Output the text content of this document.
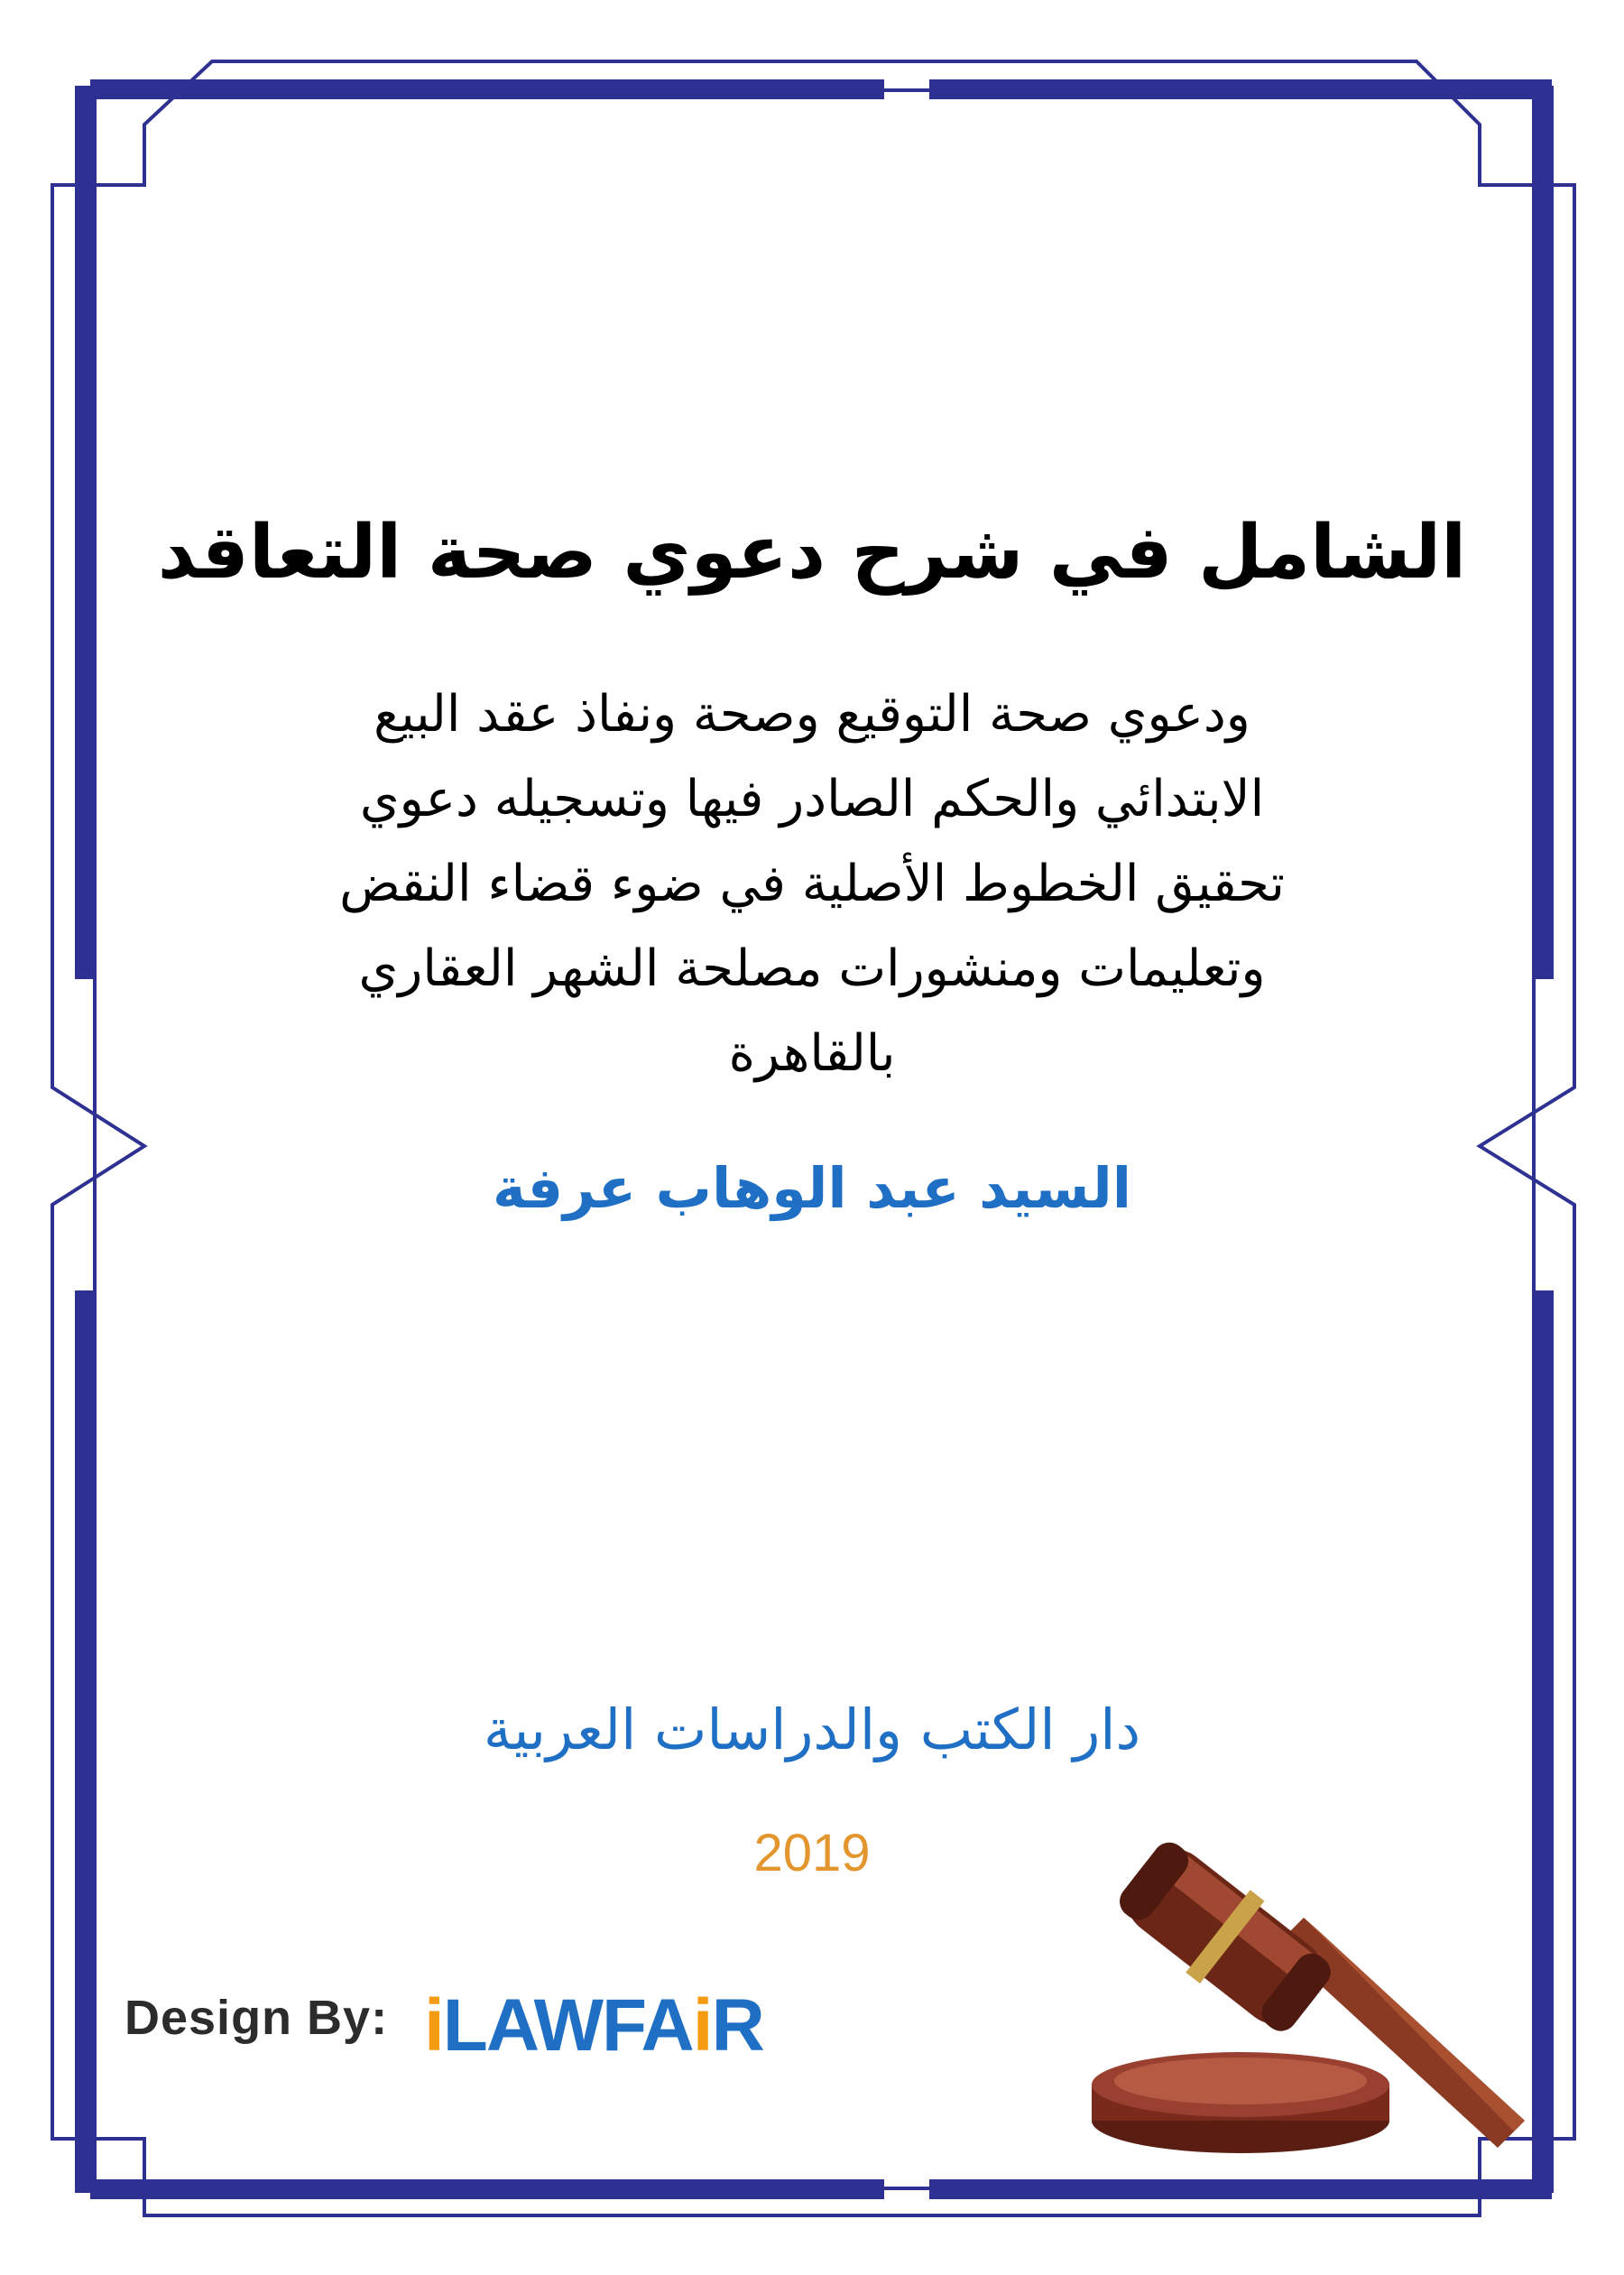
الشامل في شرح دعوي صحة التعاقد
ودعوي صحة التوقيع وصحة ونفاذ عقد البيع
الابتدائي والحكم الصادر فيها وتسجيله دعوي
تحقيق الخطوط الأصلية في ضوء قضاء النقض
وتعليمات ومنشورات مصلحة الشهر العقاري
بالقاهرة
السيد عبد الوهاب عرفة
دار الكتب والدراسات العربية
2019
Design By: iLAWFAiR
